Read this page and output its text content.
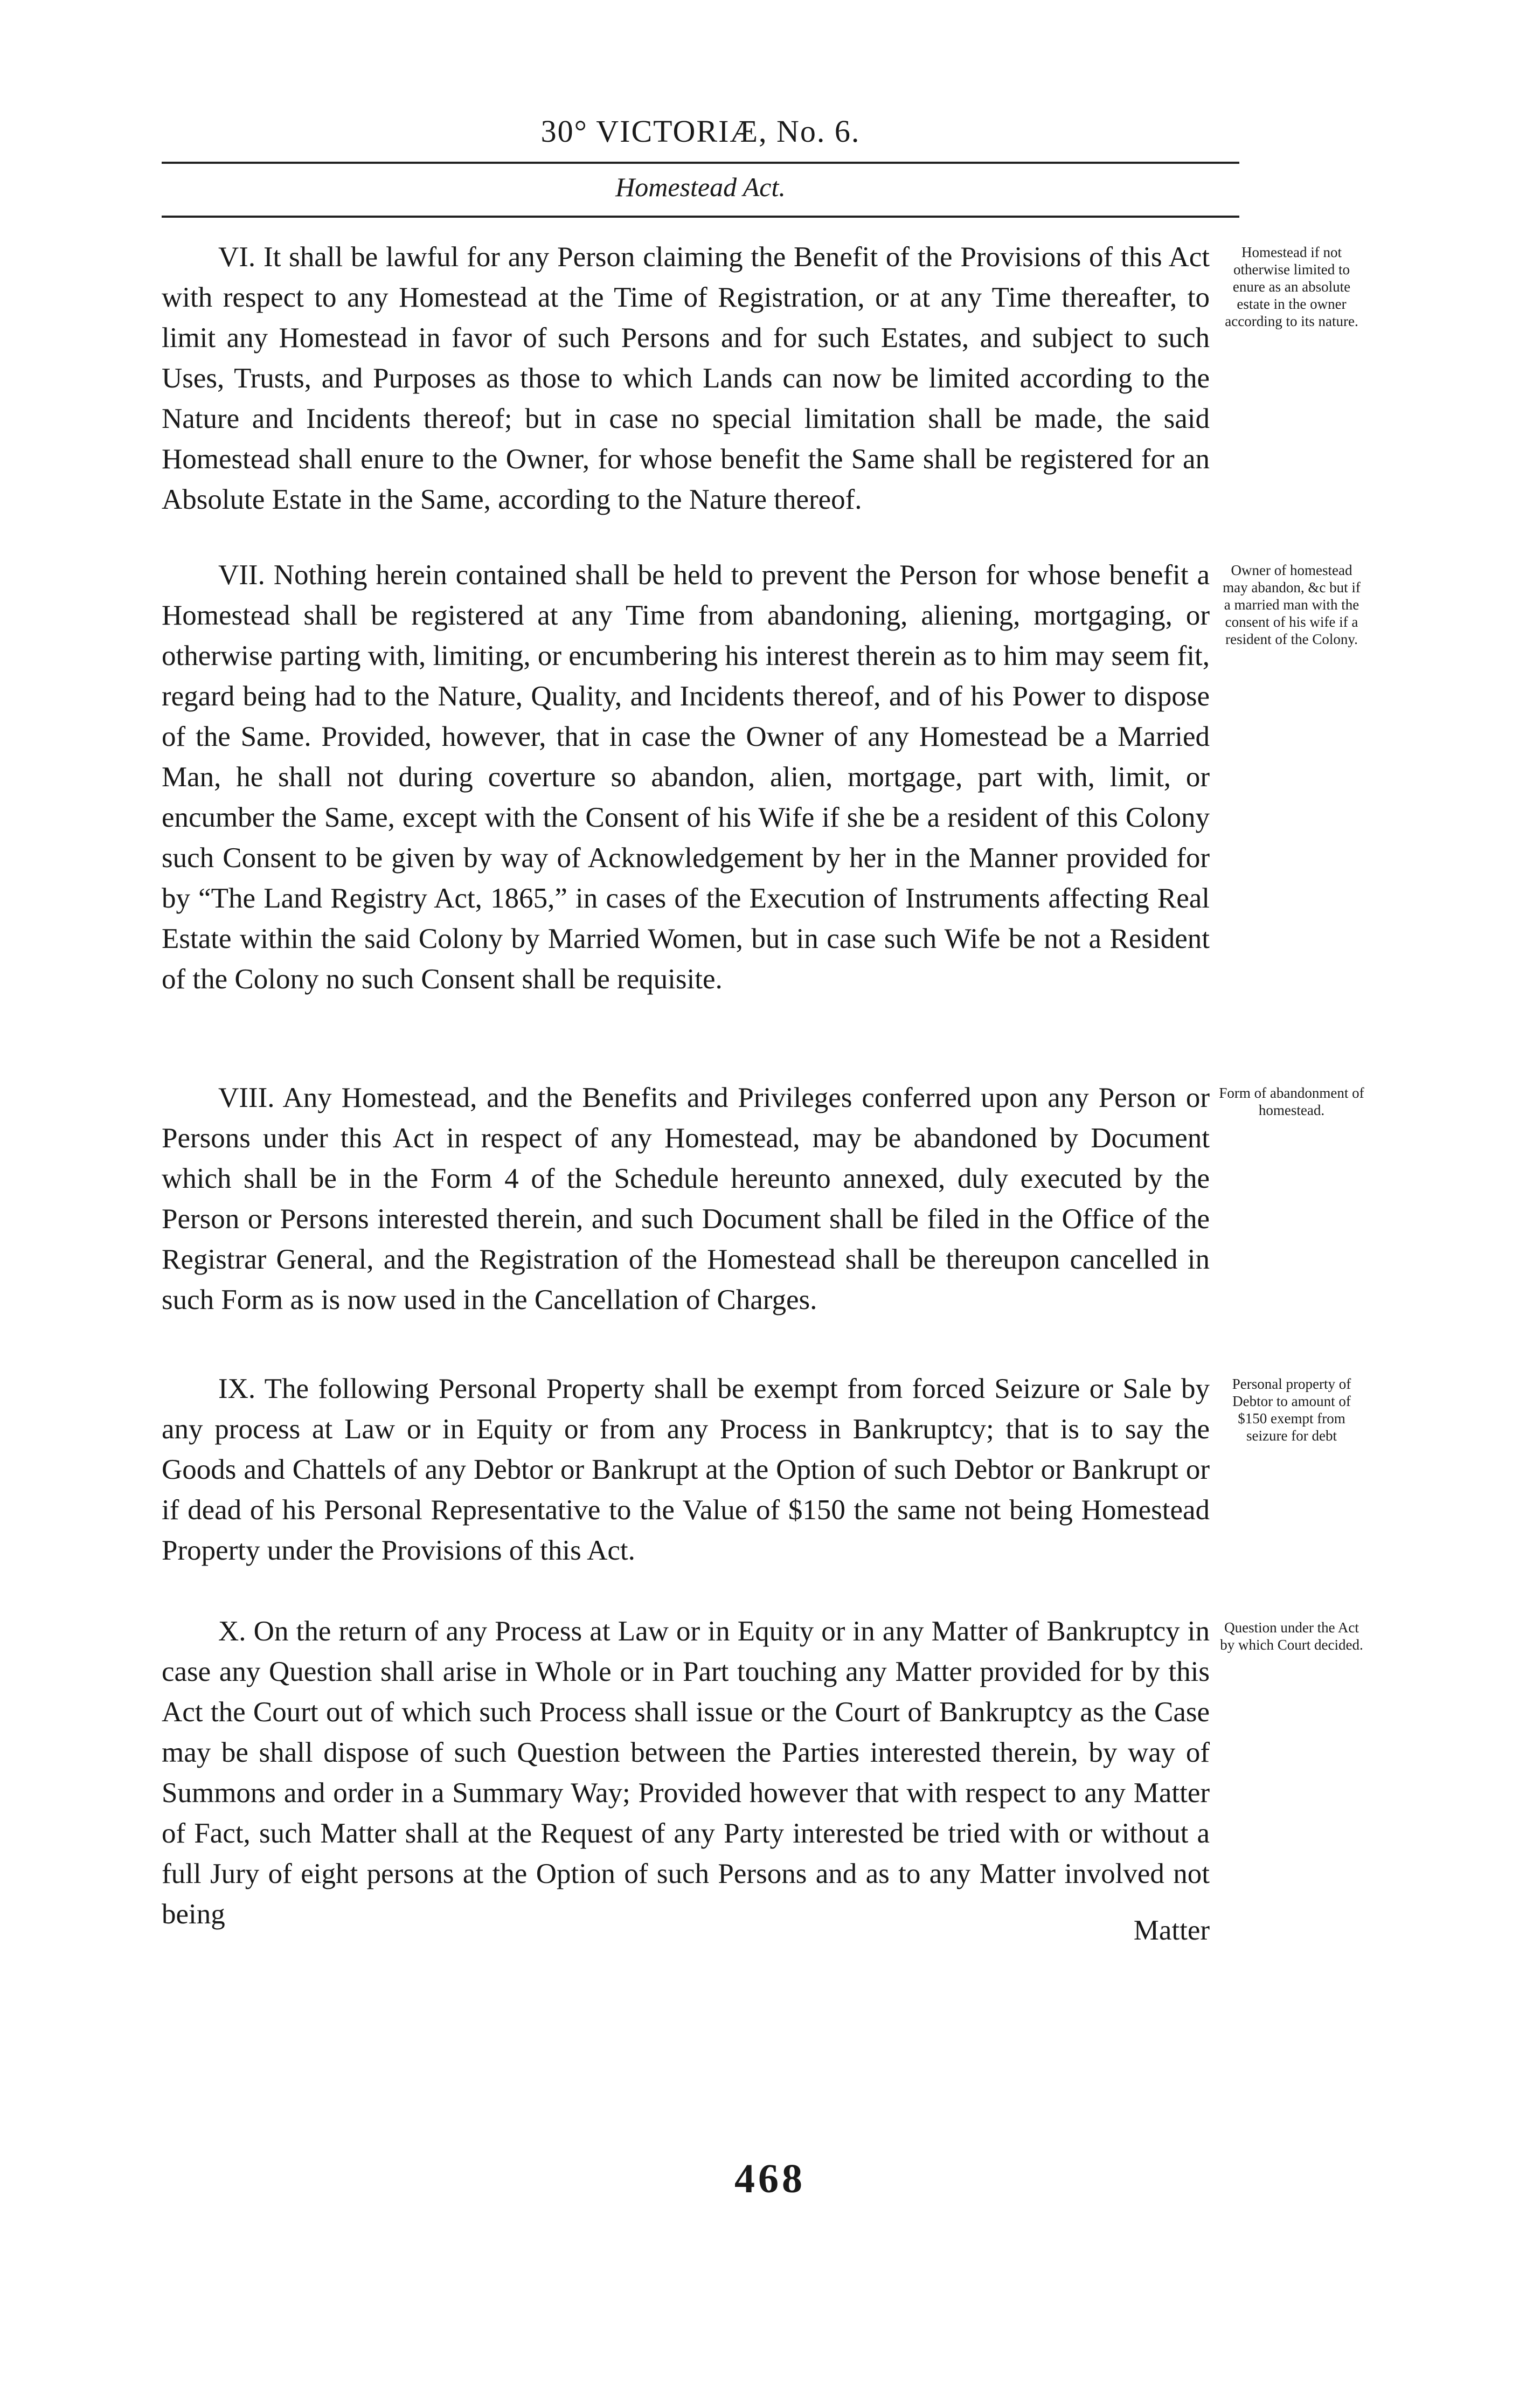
30° VICTORIÆ, No. 6.
Homestead Act.

VI. It shall be lawful for any Person claiming the Benefit of the Provisions of this Act with respect to any Homestead at the Time of Registration, or at any Time thereafter, to limit any Homestead in favor of such Persons and for such Estates, and subject to such Uses, Trusts, and Purposes as those to which Lands can now be limited according to the Nature and Incidents thereof; but in case no special limitation shall be made, the said Homestead shall enure to the Owner, for whose benefit the Same shall be registered for an Absolute Estate in the Same, according to the Nature thereof.

Homestead if not otherwise limited to enure as an absolute estate in the owner according to its nature.

VII. Nothing herein contained shall be held to prevent the Person for whose benefit a Homestead shall be registered at any Time from abandoning, aliening, mortgaging, or otherwise parting with, limiting, or encumbering his interest therein as to him may seem fit, regard being had to the Nature, Quality, and Incidents thereof, and of his Power to dispose of the Same. Provided, however, that in case the Owner of any Homestead be a Married Man, he shall not during coverture so abandon, alien, mortgage, part with, limit, or encumber the Same, except with the Consent of his Wife if she be a resident of this Colony such Consent to be given by way of Acknowledgement by her in the Manner provided for by “The Land Registry Act, 1865,” in cases of the Execution of Instruments affecting Real Estate within the said Colony by Married Women, but in case such Wife be not a Resident of the Colony no such Consent shall be requisite.

Owner of homestead may abandon, &c but if a married man with the consent of his wife if a resident of the Colony.

VIII. Any Homestead, and the Benefits and Privileges conferred upon any Person or Persons under this Act in respect of any Homestead, may be abandoned by Document which shall be in the Form 4 of the Schedule hereunto annexed, duly executed by the Person or Persons interested therein, and such Document shall be filed in the Office of the Registrar General, and the Registration of the Homestead shall be thereupon cancelled in such Form as is now used in the Cancellation of Charges.

Form of abandonment of homestead.

IX. The following Personal Property shall be exempt from forced Seizure or Sale by any process at Law or in Equity or from any Process in Bankruptcy; that is to say the Goods and Chattels of any Debtor or Bankrupt at the Option of such Debtor or Bankrupt or if dead of his Personal Representative to the Value of $150 the same not being Homestead Property under the Provisions of this Act.

Personal property of Debtor to amount of $150 exempt from seizure for debt

X. On the return of any Process at Law or in Equity or in any Matter of Bankruptcy in case any Question shall arise in Whole or in Part touching any Matter provided for by this Act the Court out of which such Process shall issue or the Court of Bankruptcy as the Case may be shall dispose of such Question between the Parties interested therein, by way of Summons and order in a Summary Way; Provided however that with respect to any Matter of Fact, such Matter shall at the Request of any Party interested be tried with or without a full Jury of eight persons at the Option of such Persons and as to any Matter involved not being

Question under the Act by which Court decided.

Matter

468
